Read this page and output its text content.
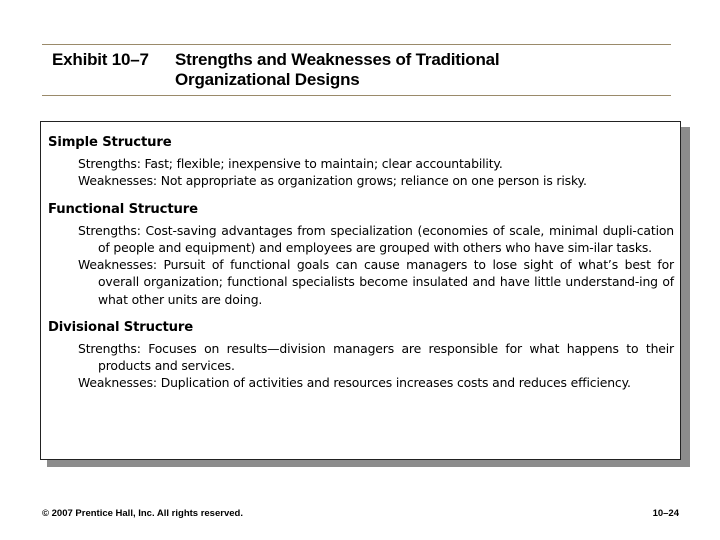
Exhibit 10–7 Strengths and Weaknesses of Traditional
Organizational Designs
Simple Structure

Strengths: Fast; flexible; inexpensive to maintain; clear accountability.

Weaknesses: Not appropriate as organization grows; reliance on one person is risky.

Functional Structure

Strengths: Cost-saving advantages from specialization (economies of scale, minimal dupli-cation of people and equipment) and employees are grouped with others who have sim-ilar tasks.

Weaknesses: Pursuit of functional goals can cause managers to lose sight of what’s best for overall organization; functional specialists become insulated and have little understand-ing of what other units are doing.

Divisional Structure

Strengths: Focuses on results—division managers are responsible for what happens to their products and services.

Weaknesses: Duplication of activities and resources increases costs and reduces efficiency.

© 2007 Prentice Hall, Inc. All rights reserved.	10–24
